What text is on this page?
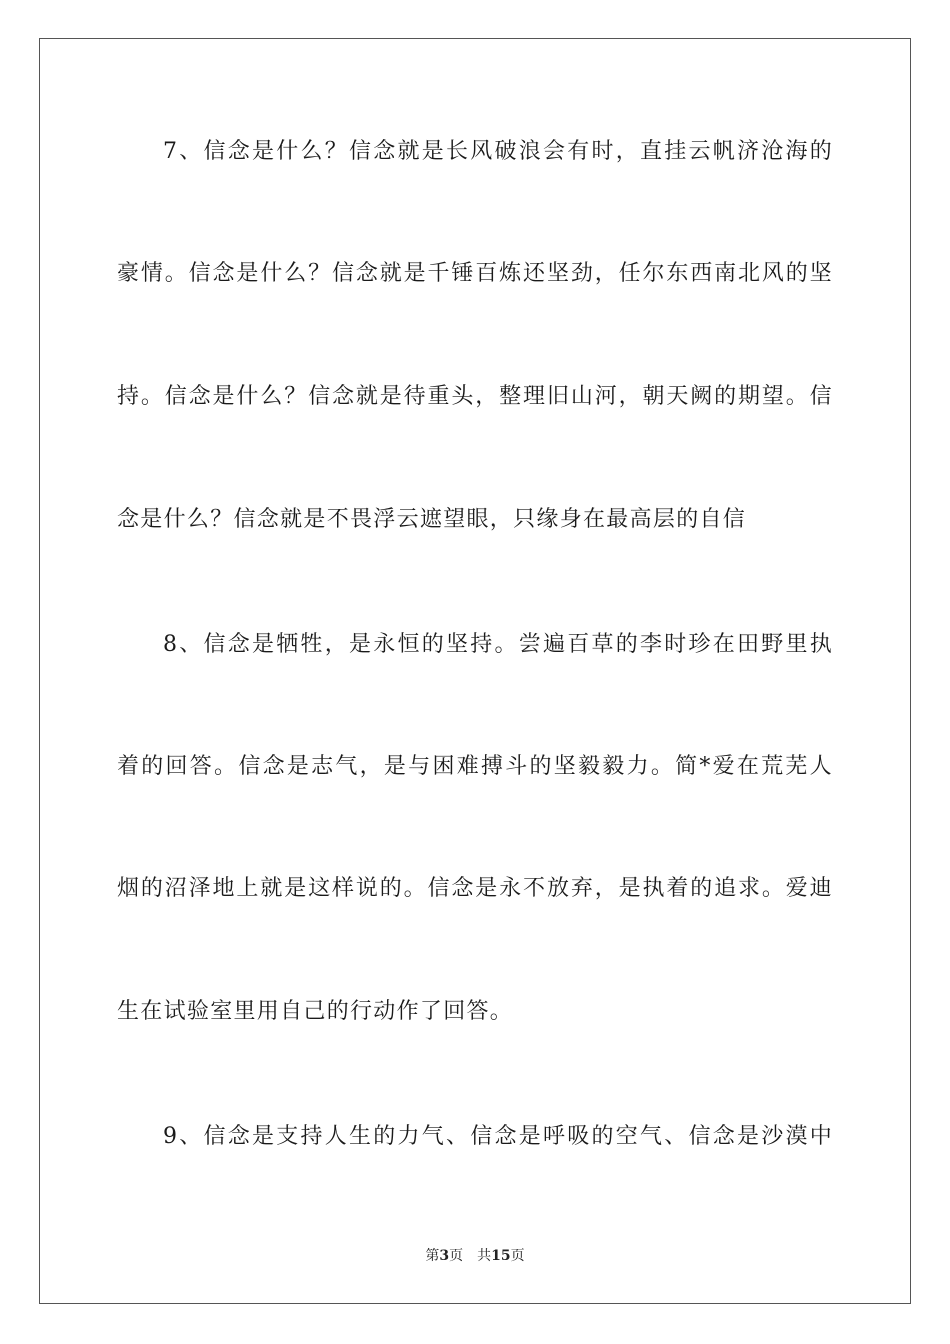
7、信念是什么？信念就是长风破浪会有时，直挂云帆济沧海的
豪情。信念是什么？信念就是千锤百炼还坚劲，任尔东西南北风的坚
持。信念是什么？信念就是待重头，整理旧山河，朝天阙的期望。信
念是什么？信念就是不畏浮云遮望眼，只缘身在最高层的自信
8、信念是牺牲，是永恒的坚持。尝遍百草的李时珍在田野里执
着的回答。信念是志气，是与困难搏斗的坚毅毅力。简*爱在荒芜人
烟的沼泽地上就是这样说的。信念是永不放弃，是执着的追求。爱迪
生在试验室里用自己的行动作了回答。
9、信念是支持人生的力气、信念是呼吸的空气、信念是沙漠中
第3页 共15页
